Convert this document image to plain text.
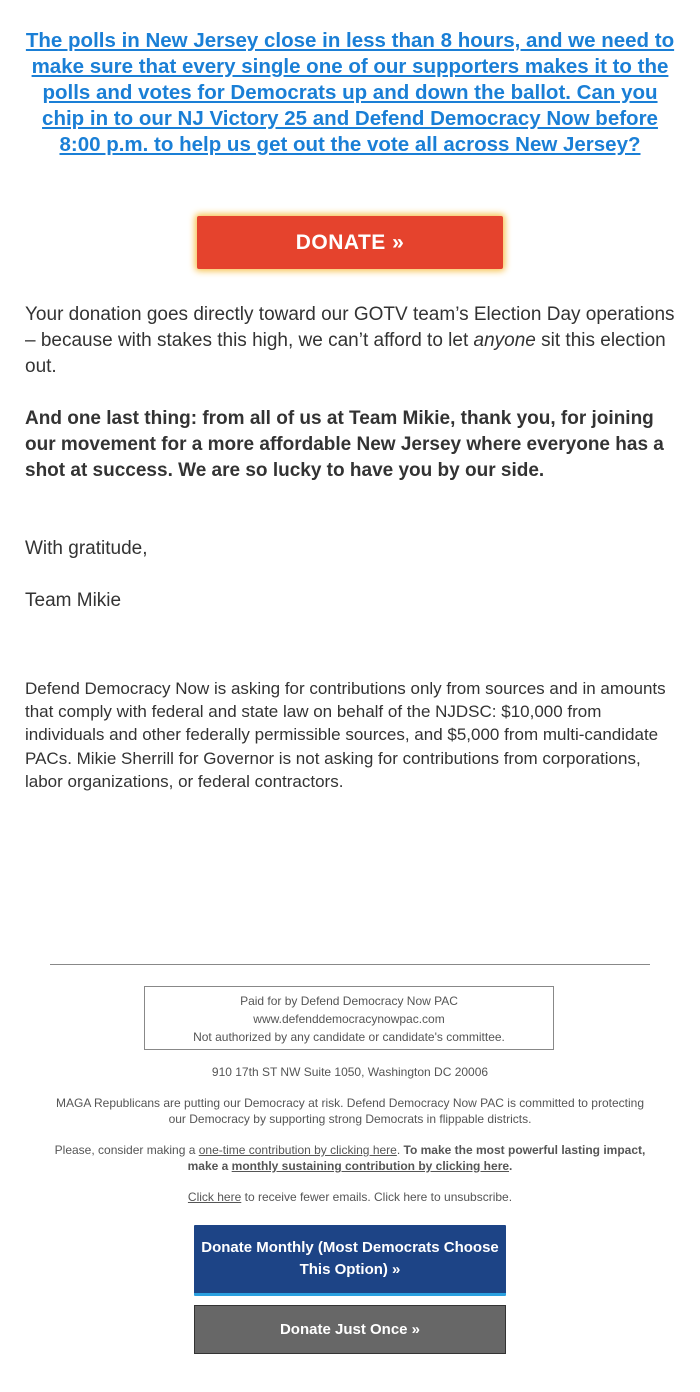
The polls in New Jersey close in less than 8 hours, and we need to make sure that every single one of our supporters makes it to the polls and votes for Democrats up and down the ballot. Can you chip in to our NJ Victory 25 and Defend Democracy Now before 8:00 p.m. to help us get out the vote all across New Jersey?
DONATE »

Your donation goes directly toward our GOTV team’s Election Day operations – because with stakes this high, we can’t afford to let anyone sit this election out.

And one last thing: from all of us at Team Mikie, thank you, for joining our movement for a more affordable New Jersey where everyone has a shot at success. We are so lucky to have you by our side.

With gratitude,

Team Mikie

Defend Democracy Now is asking for contributions only from sources and in amounts that comply with federal and state law on behalf of the NJDSC: $10,000 from individuals and other federally permissible sources, and $5,000 from multi-candidate PACs. Mikie Sherrill for Governor is not asking for contributions from corporations, labor organizations, or federal contractors.

Paid for by Defend Democracy Now PAC
www.defenddemocracynowpac.com
Not authorized by any candidate or candidate's committee.

910 17th ST NW Suite 1050, Washington DC 20006

MAGA Republicans are putting our Democracy at risk. Defend Democracy Now PAC is committed to protecting our Democracy by supporting strong Democrats in flippable districts.

Please, consider making a one-time contribution by clicking here. To make the most powerful lasting impact, make a monthly sustaining contribution by clicking here.

Click here to receive fewer emails. Click here to unsubscribe.

Donate Monthly (Most Democrats Choose This Option) »
Donate Just Once »
